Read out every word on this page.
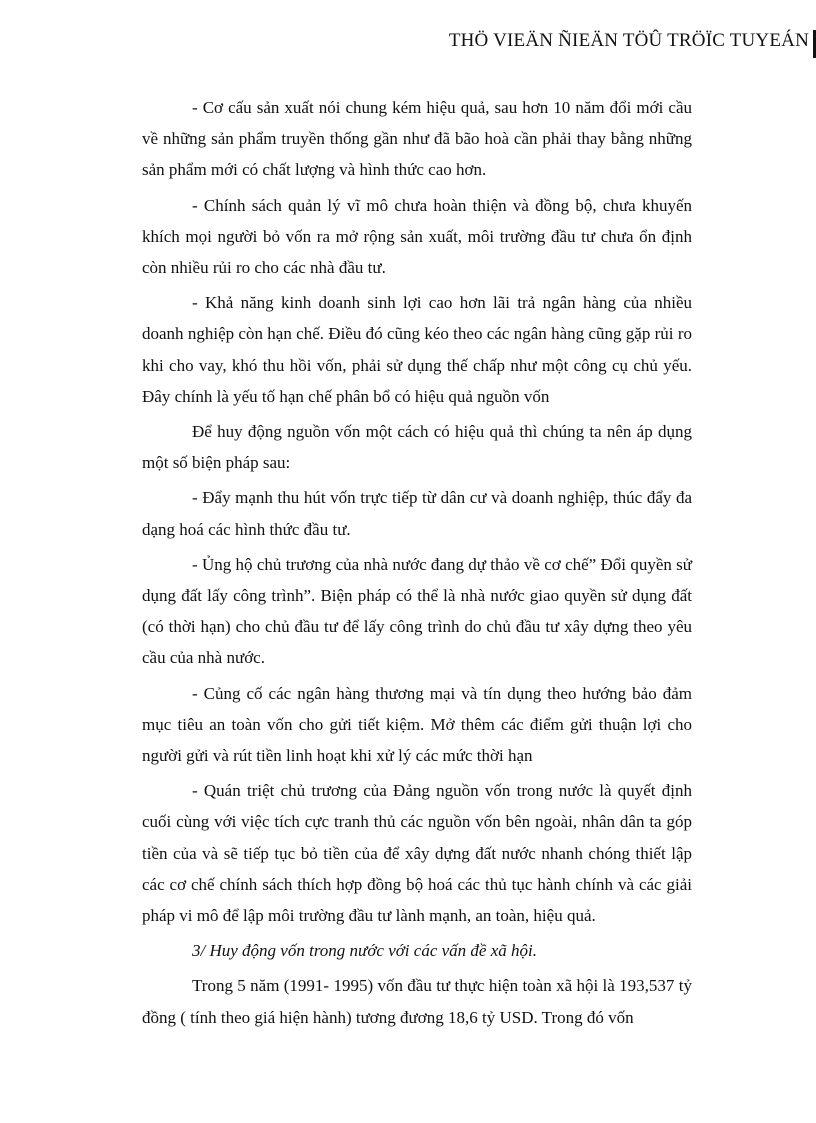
THÖ VIEÄN ÑIEÄN TÖÛ TRÖÏC TUYEÁN

- Cơ cấu sản xuất nói chung kém hiệu quả, sau hơn 10 năm đổi mới cầu về những sản phẩm truyền thống gần như đã bão hoà cần phải thay bằng những sản phẩm mới có chất lượng và hình thức cao hơn.

- Chính sách quản lý vĩ mô chưa hoàn thiện và đồng bộ, chưa khuyến khích mọi người bỏ vốn ra mở rộng sản xuất, môi trường đầu tư chưa ổn định còn nhiều rủi ro cho các nhà đầu tư.

- Khả năng kinh doanh sinh lợi cao hơn lãi trả ngân hàng của nhiều doanh nghiệp còn hạn chế. Điều đó cũng kéo theo các ngân hàng cũng gặp rủi ro khi cho vay, khó thu hồi vốn, phải sử dụng thế chấp như một công cụ chủ yếu. Đây chính là yếu tố hạn chế phân bổ có hiệu quả nguồn vốn

Để huy động nguồn vốn một cách có hiệu quả thì chúng ta nên áp dụng một số biện pháp sau:

- Đẩy mạnh thu hút vốn trực tiếp từ dân cư và doanh nghiệp, thúc đẩy đa dạng hoá các hình thức đầu tư.

- Ủng hộ chủ trương của nhà nước đang dự thảo về cơ chế” Đổi quyền sử dụng đất lấy công trình”. Biện pháp có thể là nhà nước giao quyền sử dụng đất (có thời hạn) cho chủ đầu tư để lấy công trình do chủ đầu tư xây dựng theo yêu cầu của nhà nước.

- Củng cố các ngân hàng thương mại và tín dụng theo hướng bảo đảm mục tiêu an toàn vốn cho gửi tiết kiệm. Mở thêm các điểm gửi thuận lợi cho người gửi và rút tiền linh hoạt khi xử lý các mức thời hạn

- Quán triệt chủ trương của Đảng nguồn vốn trong nước là quyết định cuối cùng với việc tích cực tranh thủ các nguồn vốn bên ngoài, nhân dân ta góp tiền của và sẽ tiếp tục bỏ tiền của để xây dựng đất nước nhanh chóng thiết lập các cơ chế chính sách thích hợp đồng bộ hoá các thủ tục hành chính và các giải pháp vi mô để lập môi trường đầu tư lành mạnh, an toàn, hiệu quả.

3/ Huy động vốn trong nước với các vấn đề xã hội.

Trong 5 năm (1991- 1995) vốn đầu tư thực hiện toàn xã hội là 193,537 tỷ đồng ( tính theo giá hiện hành) tương đương 18,6 tỷ USD. Trong đó vốn
